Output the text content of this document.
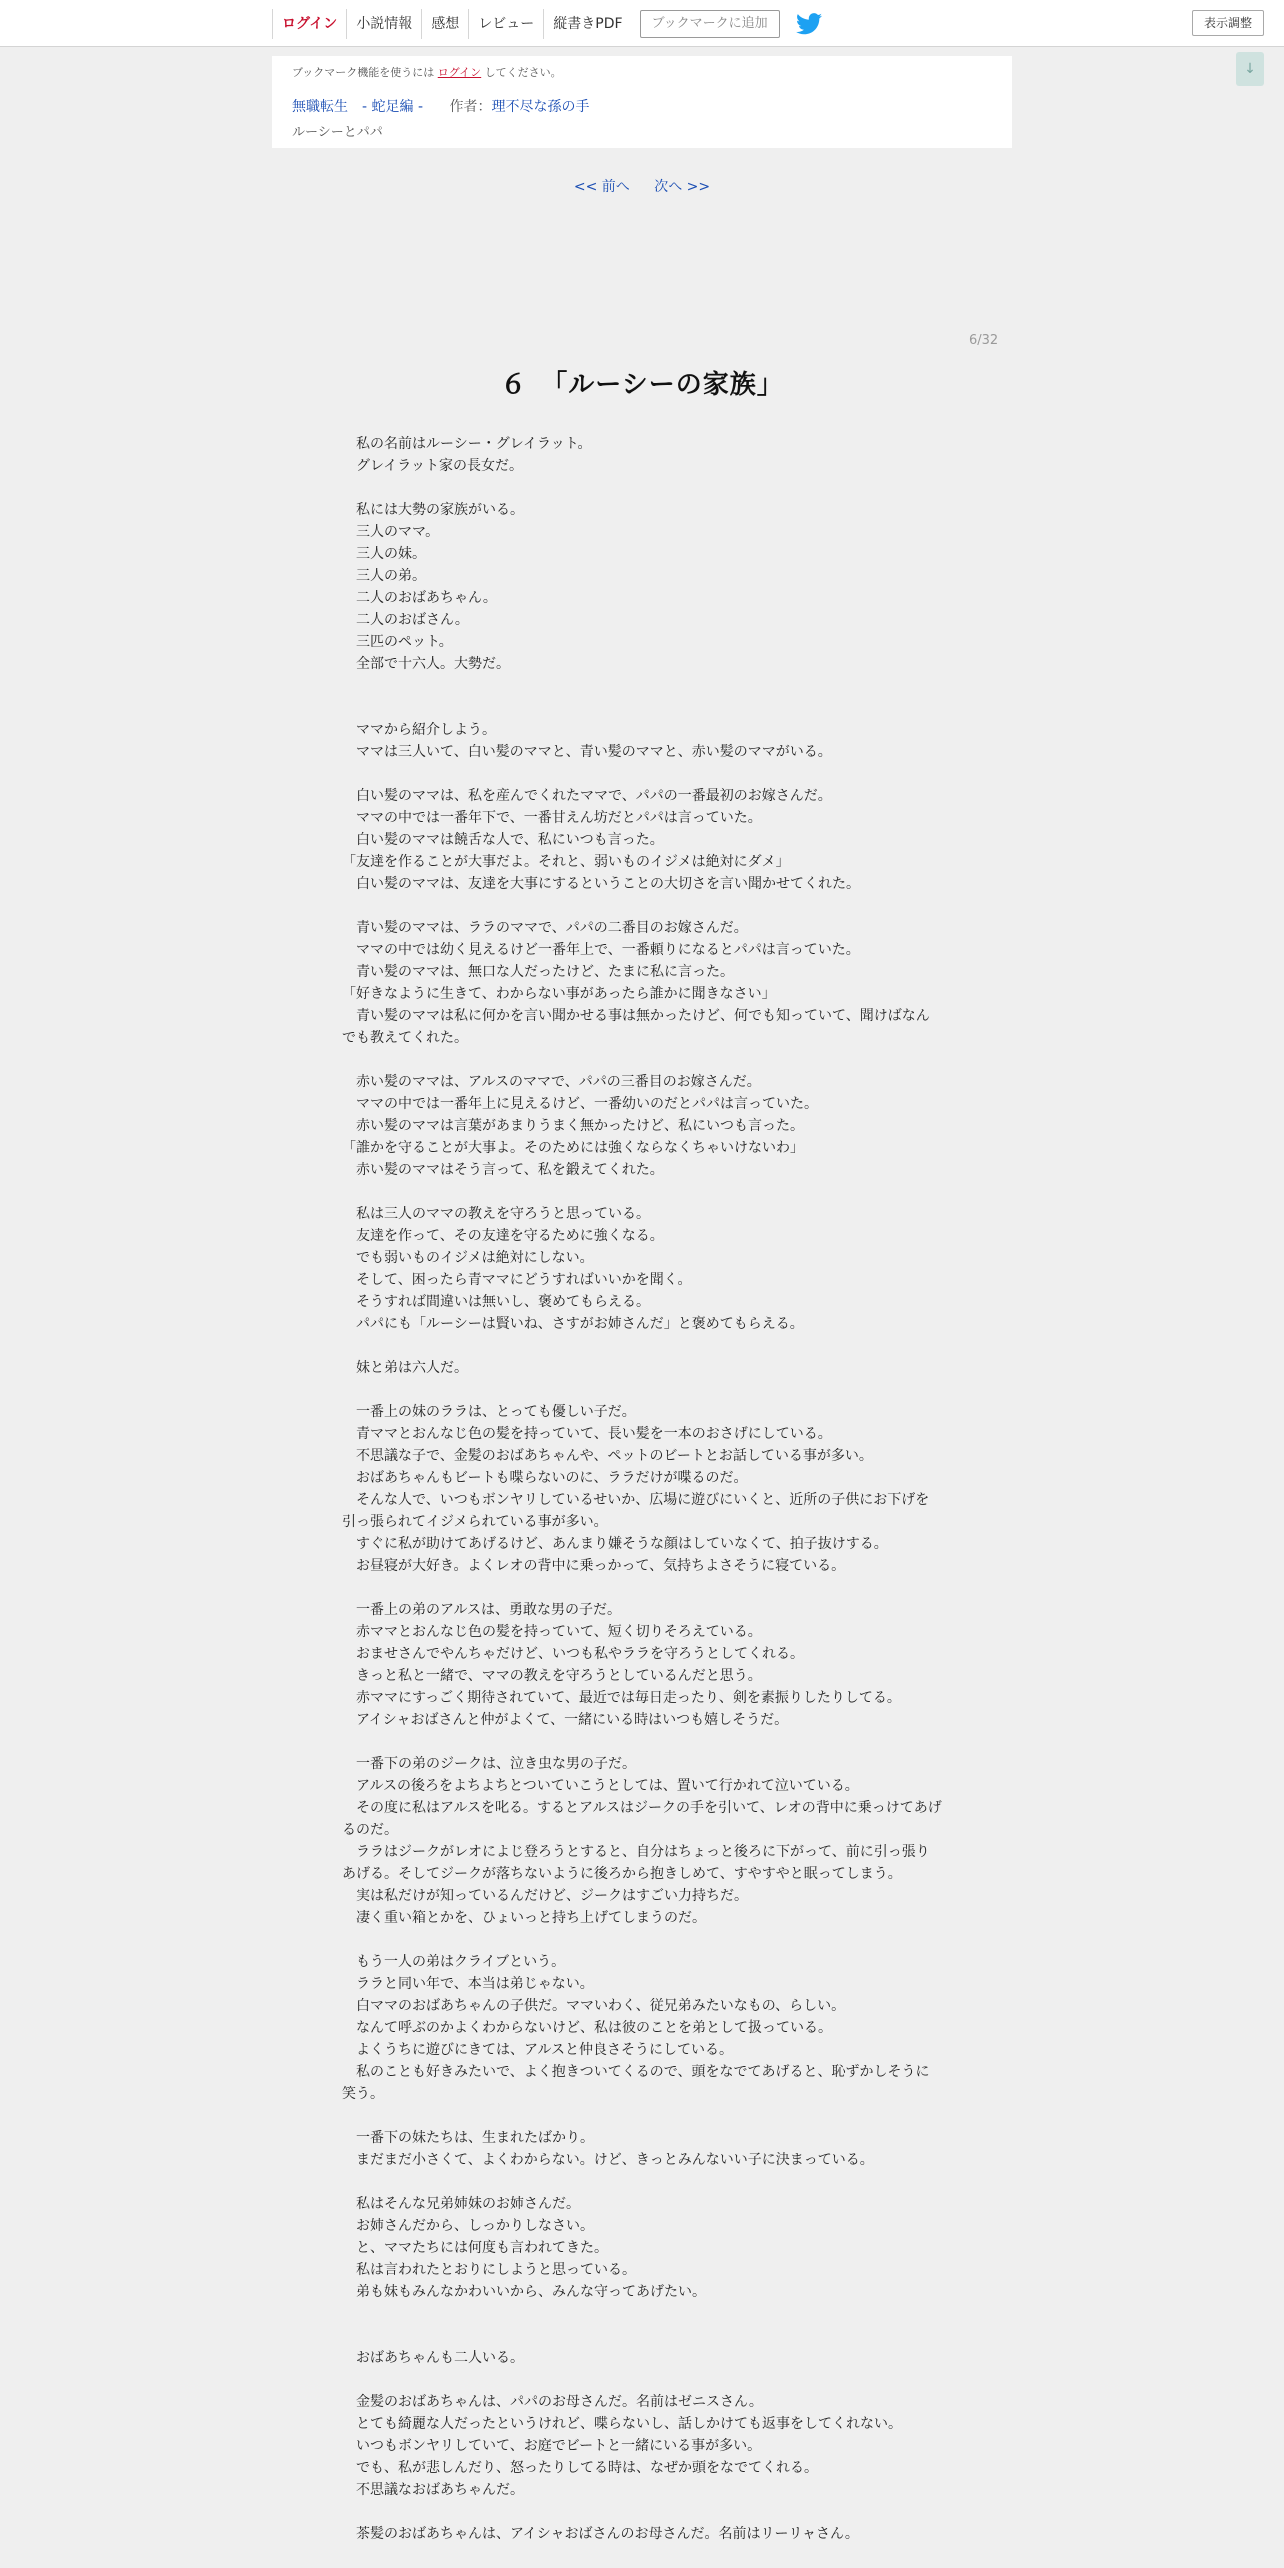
ログイン	小説情報	感想	レビュー	縦書きPDF	ブックマークに追加	表示調整
↓
ブックマーク機能を使うには ログイン してください。
無職転生　- 蛇足編 - 作者：理不尽な孫の手
ルーシーとパパ
<< 前へ 次へ >>
6/32
６　「ルーシーの家族」

　私の名前はルーシー・グレイラット。

　グレイラット家の長女だ。

　私には大勢の家族がいる。

　三人のママ。

　三人の妹。

　三人の弟。

　二人のおばあちゃん。

　二人のおばさん。

　三匹のペット。

　全部で十六人。大勢だ。

　ママから紹介しよう。

　ママは三人いて、白い髪のママと、青い髪のママと、赤い髪のママがいる。

　白い髪のママは、私を産んでくれたママで、パパの一番最初のお嫁さんだ。

　ママの中では一番年下で、一番甘えん坊だとパパは言っていた。

　白い髪のママは饒舌な人で、私にいつも言った。

「友達を作ることが大事だよ。それと、弱いものイジメは絶対にダメ」

　白い髪のママは、友達を大事にするということの大切さを言い聞かせてくれた。

　青い髪のママは、ララのママで、パパの二番目のお嫁さんだ。

　ママの中では幼く見えるけど一番年上で、一番頼りになるとパパは言っていた。

　青い髪のママは、無口な人だったけど、たまに私に言った。

「好きなように生きて、わからない事があったら誰かに聞きなさい」

　青い髪のママは私に何かを言い聞かせる事は無かったけど、何でも知っていて、聞けばなんでも教えてくれた。

　赤い髪のママは、アルスのママで、パパの三番目のお嫁さんだ。

　ママの中では一番年上に見えるけど、一番幼いのだとパパは言っていた。

　赤い髪のママは言葉があまりうまく無かったけど、私にいつも言った。

「誰かを守ることが大事よ。そのためには強くならなくちゃいけないわ」

　赤い髪のママはそう言って、私を鍛えてくれた。

　私は三人のママの教えを守ろうと思っている。

　友達を作って、その友達を守るために強くなる。

　でも弱いものイジメは絶対にしない。

　そして、困ったら青ママにどうすればいいかを聞く。

　そうすれば間違いは無いし、褒めてもらえる。

　パパにも「ルーシーは賢いね、さすがお姉さんだ」と褒めてもらえる。

　妹と弟は六人だ。

　一番上の妹のララは、とっても優しい子だ。

　青ママとおんなじ色の髪を持っていて、長い髪を一本のおさげにしている。

　不思議な子で、金髪のおばあちゃんや、ペットのビートとお話している事が多い。

　おばあちゃんもビートも喋らないのに、ララだけが喋るのだ。

　そんな人で、いつもボンヤリしているせいか、広場に遊びにいくと、近所の子供にお下げを引っ張られてイジメられている事が多い。

　すぐに私が助けてあげるけど、あんまり嫌そうな顔はしていなくて、拍子抜けする。

　お昼寝が大好き。よくレオの背中に乗っかって、気持ちよさそうに寝ている。

　一番上の弟のアルスは、勇敢な男の子だ。

　赤ママとおんなじ色の髪を持っていて、短く切りそろえている。

　おませさんでやんちゃだけど、いつも私やララを守ろうとしてくれる。

　きっと私と一緒で、ママの教えを守ろうとしているんだと思う。

　赤ママにすっごく期待されていて、最近では毎日走ったり、剣を素振りしたりしてる。

　アイシャおばさんと仲がよくて、一緒にいる時はいつも嬉しそうだ。

　一番下の弟のジークは、泣き虫な男の子だ。

　アルスの後ろをよちよちとついていこうとしては、置いて行かれて泣いている。

　その度に私はアルスを叱る。するとアルスはジークの手を引いて、レオの背中に乗っけてあげるのだ。

　ララはジークがレオによじ登ろうとすると、自分はちょっと後ろに下がって、前に引っ張りあげる。そしてジークが落ちないように後ろから抱きしめて、すやすやと眠ってしまう。

　実は私だけが知っているんだけど、ジークはすごい力持ちだ。

　凄く重い箱とかを、ひょいっと持ち上げてしまうのだ。

　もう一人の弟はクライブという。

　ララと同い年で、本当は弟じゃない。

　白ママのおばあちゃんの子供だ。ママいわく、従兄弟みたいなもの、らしい。

　なんて呼ぶのかよくわからないけど、私は彼のことを弟として扱っている。

　よくうちに遊びにきては、アルスと仲良さそうにしている。

　私のことも好きみたいで、よく抱きついてくるので、頭をなでてあげると、恥ずかしそうに笑う。

　一番下の妹たちは、生まれたばかり。

　まだまだ小さくて、よくわからない。けど、きっとみんないい子に決まっている。

　私はそんな兄弟姉妹のお姉さんだ。

　お姉さんだから、しっかりしなさい。

　と、ママたちには何度も言われてきた。

　私は言われたとおりにしようと思っている。

　弟も妹もみんなかわいいから、みんな守ってあげたい。

　おばあちゃんも二人いる。

　金髪のおばあちゃんは、パパのお母さんだ。名前はゼニスさん。

　とても綺麗な人だったというけれど、喋らないし、話しかけても返事をしてくれない。

　いつもボンヤリしていて、お庭でビートと一緒にいる事が多い。

　でも、私が悲しんだり、怒ったりしてる時は、なぜか頭をなでてくれる。

　不思議なおばあちゃんだ。

　茶髪のおばあちゃんは、アイシャおばさんのお母さんだ。名前はリーリャさん。
